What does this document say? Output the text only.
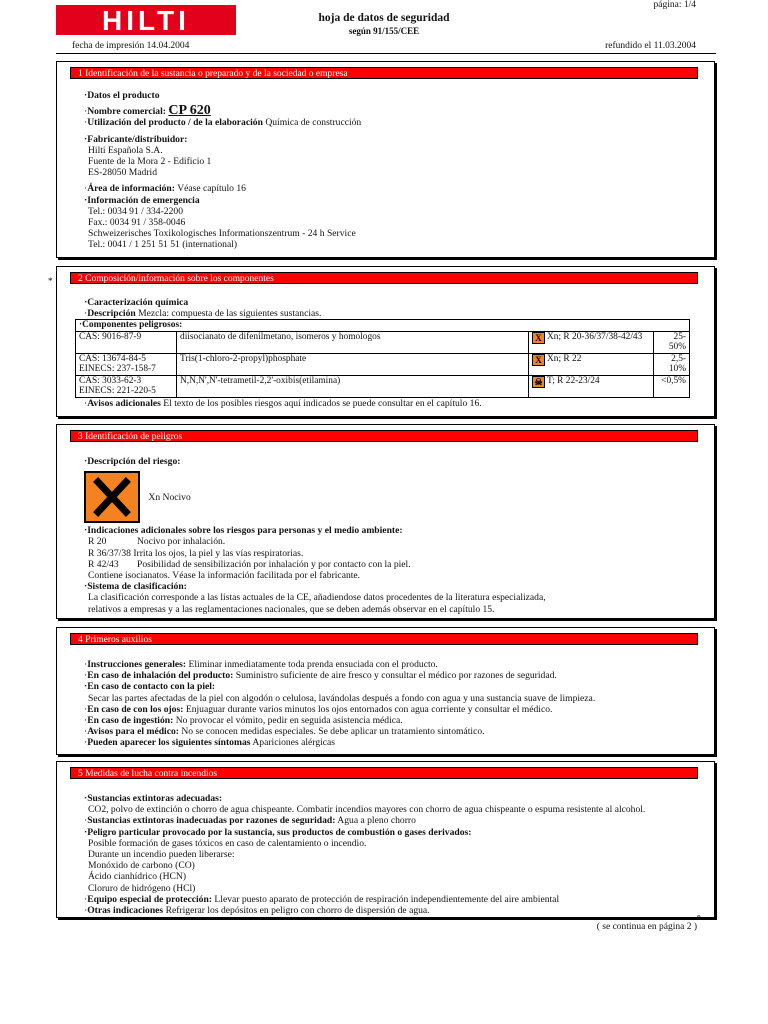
HILTI	página: 1/4
hoja de datos de seguridad
según 91/155/CEE
fecha de impresión 14.04.2004	refundido el 11.03.2004
1 Identificación de la sustancia o preparado y de la sociedad o empresa
· Datos el producto
· Nombre comercial: CP 620
· Utilización del producto / de la elaboración Química de construcción
· Fabricante/distribuidor:
Hilti Española S.A.
Fuente de la Mora 2 - Edificio 1
ES-28050 Madrid
· Área de información: Véase capítulo 16
· Información de emergencia
Tel.: 0034 91 / 334-2200
Fax.: 0034 91 / 358-0046
Schweizerisches Toxikologisches Informationszentrum - 24 h Service
Tel.: 0041 / 1 251 51 51 (international)
*	2 Composición/información sobre los componentes
· Caracterización química
· Descripción Mezcla: compuesta de las siguientes sustancias.
· Componentes peligrosos:

CAS: 9016-87-9	diisocianato de difenilmetano, isomeros y homologos	X Xn; R 20-36/37/38-42/43	25-50%

CAS: 13674-84-5
EINECS: 237-158-7	Tris(1-chloro-2-propyl)phosphate	X Xn; R 22	2,5-10%

CAS: 3033-62-3
EINECS: 221-220-5	N,N,N',N'-tetrametil-2,2'-oxibis(etilamina)	☠ T; R 22-23/24	<0,5%
· Avisos adicionales El texto de los posibles riesgos aquí indicados se puede consultar en el capítulo 16.
3 Identificación de peligros
· Descripción del riesgo:
Xn Nocivo
· Indicaciones adicionales sobre los riesgos para personas y el medio ambiente:
R 20	Nocivo por inhalación.
R 36/37/38 Irrita los ojos, la piel y las vías respiratorias.
R 42/43 Posibilidad de sensibilización por inhalación y por contacto con la piel.
Contiene isocianatos. Véase la información facilitada por el fabricante.
· Sistema de clasificación:
La clasificación corresponde a las listas actuales de la CE, añadiendose datos procedentes de la literatura especializada,
relativos a empresas y a las reglamentaciones nacionales, que se deben además observar en el capítulo 15.
4 Primeros auxilios
· Instrucciones generales: Eliminar inmediatamente toda prenda ensuciada con el producto.
· En caso de inhalación del producto: Suministro suficiente de aire fresco y consultar el médico por razones de seguridad.
· En caso de contacto con la piel:
Secar las partes afectadas de la piel con algodón o celulosa, lavándolas después a fondo con agua y una sustancia suave de limpieza.
· En caso de con los ojos: Enjuaguar durante varios minutos los ojos entornados con agua corriente y consultar el médico.
· En caso de ingestión: No provocar el vómito, pedir en seguida asistencia médica.
· Avisos para el médico: No se conocen medidas especiales. Se debe aplicar un tratamiento sintomático.
· Pueden aparecer los siguientes síntomas Apariciones alérgicas
5 Medidas de lucha contra incendios
· Sustancias extintoras adecuadas:
CO2, polvo de extinción o chorro de agua chispeante. Combatir incendios mayores con chorro de agua chispeante o espuma resistente al alcohol.
· Sustancias extintoras inadecuadas por razones de seguridad: Agua a pleno chorro
· Peligro particular provocado por la sustancia, sus productos de combustión o gases derivados:
Posible formación de gases tóxicos en caso de calentamiento o incendio.
Durante un incendio pueden liberarse:
Monóxido de carbono (CO)
Ácido cianhídrico (HCN)
Cloruro de hidrógeno (HCl)
· Equipo especial de protección: Llevar puesto aparato de protección de respiración independientemente del aire ambiental
· Otras indicaciones Refrigerar los depósitos en peligro con chorro de dispersión de agua.
e
( se continua en página 2 )
